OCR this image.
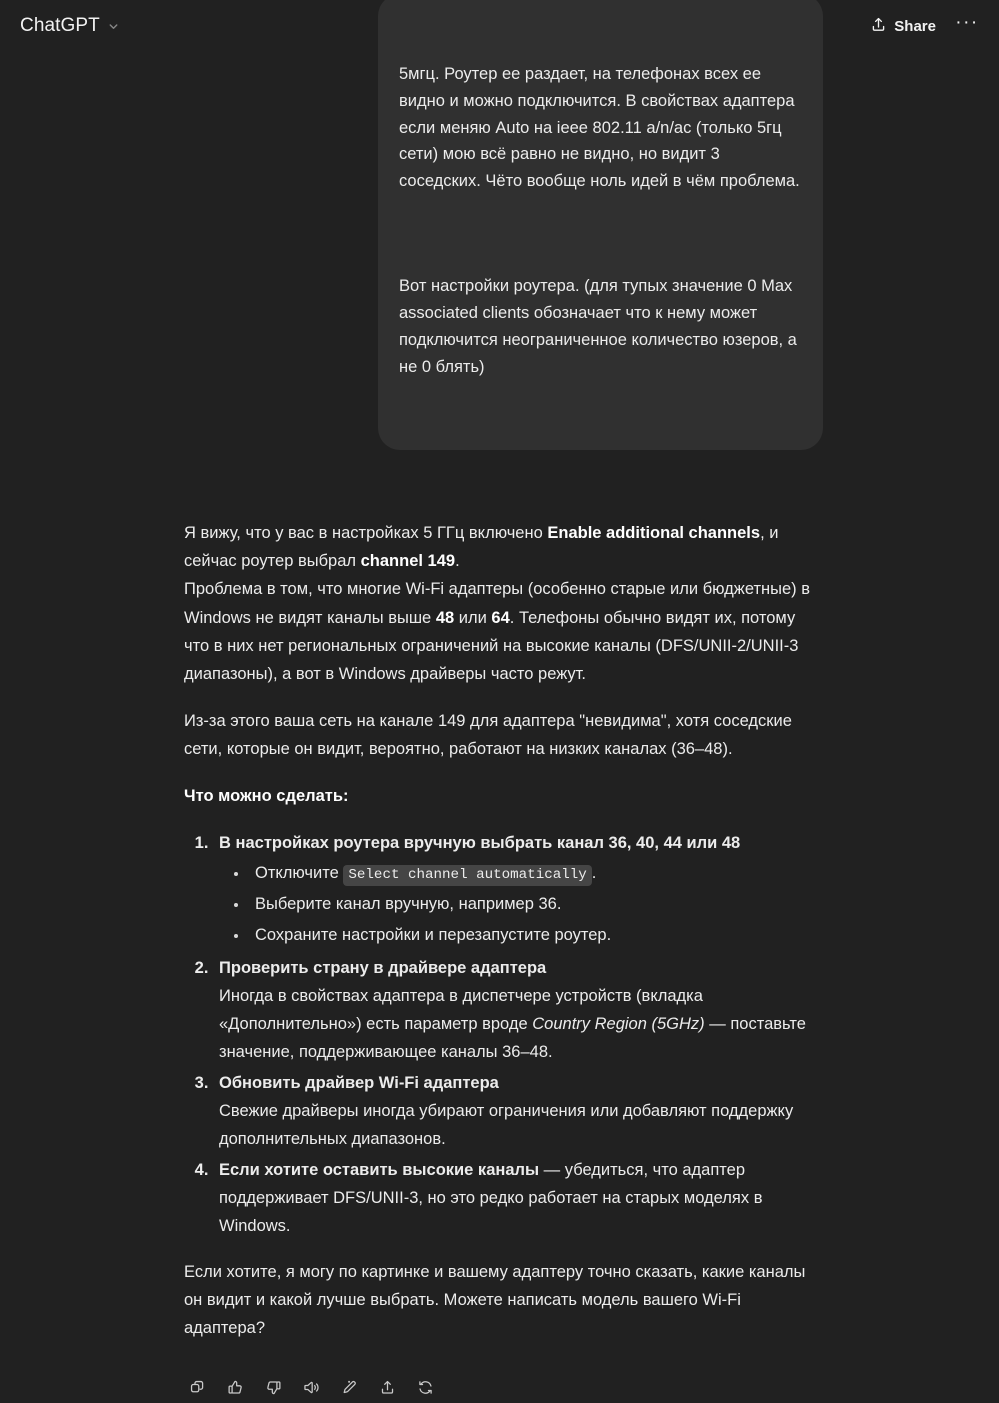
ChatGPT	Share	···

5мгц. Роутер ее раздает, на телефонах всех ее видно и можно подключится. В свойствах адаптера если меняю Auto на ieee 802.11 a/n/ac (только 5гц сети) мою всё равно не видно, но видит 3 соседских. Чёто вообще ноль идей в чём проблема.

Вот настройки роутера. (для тупых значение 0 Max associated clients обозначает что к нему может подключится неограниченное количество юзеров, а не 0 блять)

Я вижу, что у вас в настройках 5 ГГц включено Enable additional channels, и сейчас роутер выбрал channel 149.

Проблема в том, что многие Wi-Fi адаптеры (особенно старые или бюджетные) в Windows не видят каналы выше 48 или 64. Телефоны обычно видят их, потому что в них нет региональных ограничений на высокие каналы (DFS/UNII-2/UNII-3 диапазоны), а вот в Windows драйверы часто режут.

Из-за этого ваша сеть на канале 149 для адаптера "невидима", хотя соседские сети, которые он видит, вероятно, работают на низких каналах (36–48).

Что можно сделать:

1. В настройках роутера вручную выбрать канал 36, 40, 44 или 48
• Отключите Select channel automatically .
• Выберите канал вручную, например 36.
• Сохраните настройки и перезапустите роутер.
2. Проверить страну в драйвере адаптера
Иногда в свойствах адаптера в диспетчере устройств (вкладка «Дополнительно») есть параметр вроде Country Region (5GHz) — поставьте значение, поддерживающее каналы 36–48.
3. Обновить драйвер Wi-Fi адаптера
Свежие драйверы иногда убирают ограничения или добавляют поддержку дополнительных диапазонов.
4. Если хотите оставить высокие каналы — убедиться, что адаптер поддерживает DFS/UNII-3, но это редко работает на старых моделях в Windows.

Если хотите, я могу по картинке и вашему адаптеру точно сказать, какие каналы он видит и какой лучше выбрать. Можете написать модель вашего Wi-Fi адаптера?
